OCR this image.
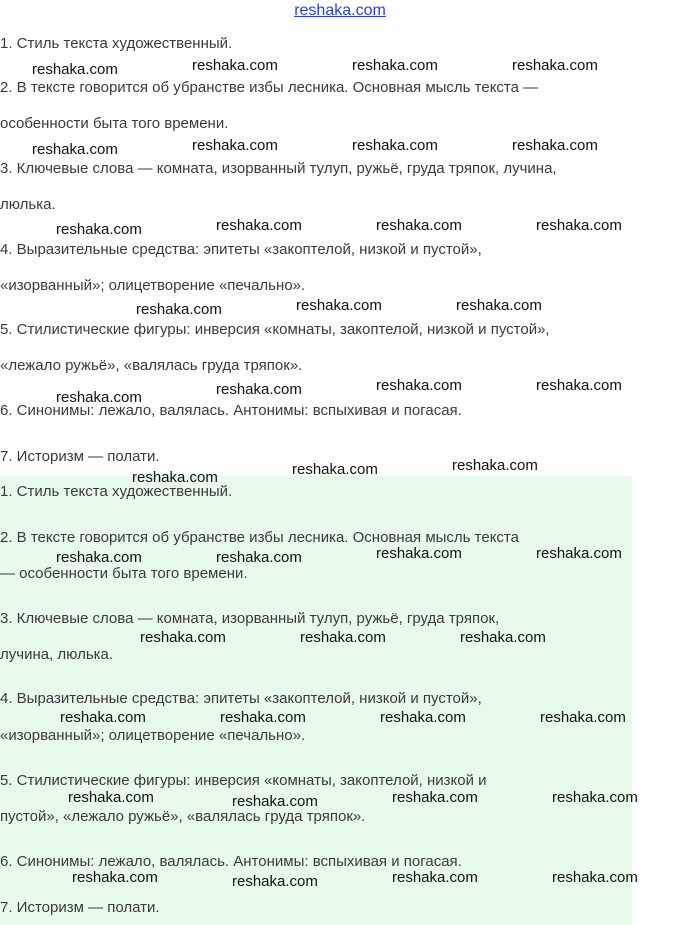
reshaka.com
1. Стиль текста художественный.
2. В тексте говорится об убранстве избы лесника. Основная мысль текста —
особенности быта того времени.
3. Ключевые слова — комната, изорванный тулуп, ружьё, груда тряпок, лучина,
люлька.
4. Выразительные средства: эпитеты «закоптелой, низкой и пустой»,
«изорванный»; олицетворение «печально».
5. Стилистические фигуры: инверсия «комнаты, закоптелой, низкой и пустой»,
«лежало ружьё», «валялась груда тряпок».
6. Синонимы: лежало, валялась. Антонимы: вспыхивая и погасая.
7. Историзм — полати.
1. Стиль текста художественный.
2. В тексте говорится об убранстве избы лесника. Основная мысль текста
— особенности быта того времени.
3. Ключевые слова — комната, изорванный тулуп, ружьё, груда тряпок,
лучина, люлька.
4. Выразительные средства: эпитеты «закоптелой, низкой и пустой»,
«изорванный»; олицетворение «печально».
5. Стилистические фигуры: инверсия «комнаты, закоптелой, низкой и
пустой», «лежало ружьё», «валялась груда тряпок».
6. Синонимы: лежало, валялась. Антонимы: вспыхивая и погасая.
7. Историзм — полати.
reshaka.com	reshaka.com	reshaka.com	reshaka.com
reshaka.com	reshaka.com	reshaka.com	reshaka.com
reshaka.com	reshaka.com	reshaka.com	reshaka.com
reshaka.com	reshaka.com	reshaka.com
reshaka.com	reshaka.com	reshaka.com	reshaka.com
reshaka.com	reshaka.com	reshaka.com
reshaka.com	reshaka.com	reshaka.com	reshaka.com
reshaka.com	reshaka.com	reshaka.com
reshaka.com	reshaka.com	reshaka.com	reshaka.com
reshaka.com	reshaka.com	reshaka.com	reshaka.com
reshaka.com	reshaka.com	reshaka.com	reshaka.com
